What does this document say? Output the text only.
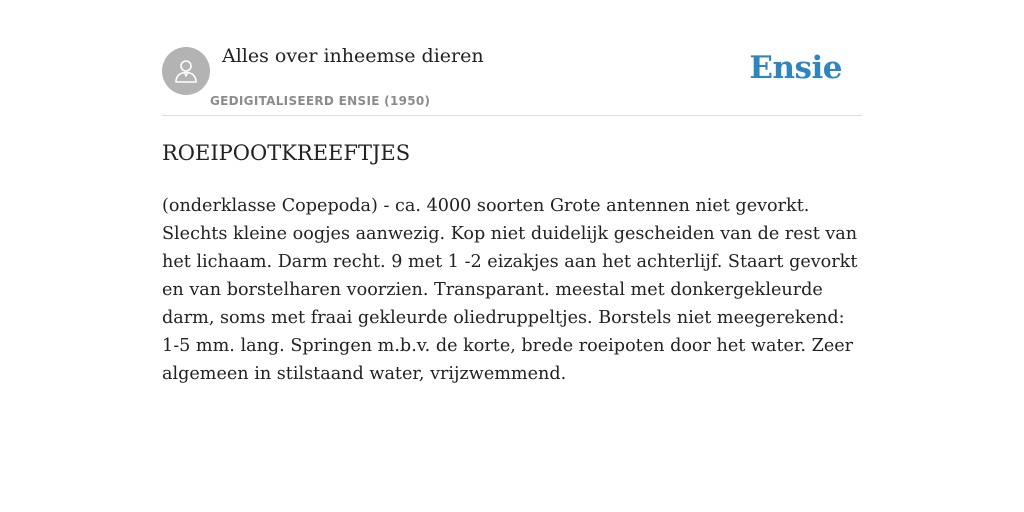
Alles over inheemse dieren
GEDIGITALISEERD ENSIE (1950)
Ensie
ROEIPOOTKREEFTJES

(onderklasse Copepoda) - ca. 4000 soorten Grote antennen niet gevorkt. Slechts kleine oogjes aanwezig. Kop niet duidelijk gescheiden van de rest van het lichaam. Darm recht. 9 met 1 -2 eizakjes aan het achterlijf. Staart gevorkt en van borstelharen voorzien. Transparant. meestal met donkergekleurde darm, soms met fraai gekleurde oliedruppeltjes. Borstels niet meegerekend: 1-5 mm. lang. Springen m.b.v. de korte, brede roeipoten door het water. Zeer algemeen in stilstaand water, vrijzwemmend.
